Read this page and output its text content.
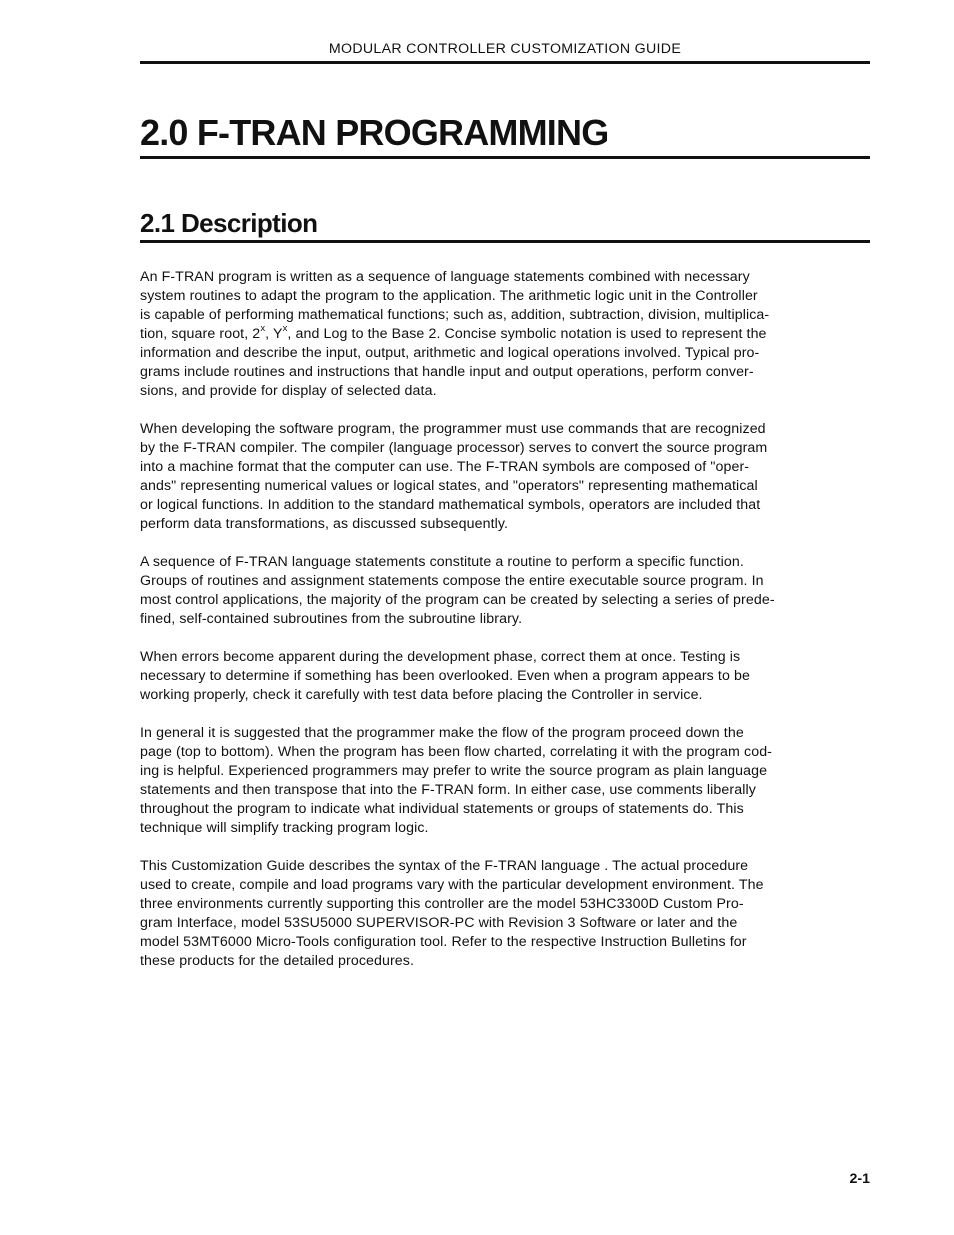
MODULAR CONTROLLER CUSTOMIZATION GUIDE
2.0 F-TRAN PROGRAMMING
2.1 Description

An F-TRAN program is written as a sequence of language statements combined with necessary
system routines to adapt the program to the application. The arithmetic logic unit in the Controller
is capable of performing mathematical functions; such as, addition, subtraction, division, multiplica-
tion, square root, 2$^x$, $Y^x$, and Log to the Base 2. Concise symbolic notation is used to represent the
information and describe the input, output, arithmetic and logical operations involved. Typical pro-
grams include routines and instructions that handle input and output operations, perform conver-
sions, and provide for display of selected data.

When developing the software program, the programmer must use commands that are recognized
by the F-TRAN compiler. The compiler (language processor) serves to convert the source program
into a machine format that the computer can use. The F-TRAN symbols are composed of "oper-
ands" representing numerical values or logical states, and "operators" representing mathematical
or logical functions. In addition to the standard mathematical symbols, operators are included that
perform data transformations, as discussed subsequently.

A sequence of F-TRAN language statements constitute a routine to perform a specific function.
Groups of routines and assignment statements compose the entire executable source program. In
most control applications, the majority of the program can be created by selecting a series of prede-
fined, self-contained subroutines from the subroutine library.

When errors become apparent during the development phase, correct them at once. Testing is
necessary to determine if something has been overlooked. Even when a program appears to be
working properly, check it carefully with test data before placing the Controller in service.

In general it is suggested that the programmer make the flow of the program proceed down the
page (top to bottom). When the program has been flow charted, correlating it with the program cod-
ing is helpful. Experienced programmers may prefer to write the source program as plain language
statements and then transpose that into the F-TRAN form. In either case, use comments liberally
throughout the program to indicate what individual statements or groups of statements do. This
technique will simplify tracking program logic.

This Customization Guide describes the syntax of the F-TRAN language . The actual procedure
used to create, compile and load programs vary with the particular development environment. The
three environments currently supporting this controller are the model 53HC3300D Custom Pro-
gram Interface, model 53SU5000 SUPERVISOR-PC with Revision 3 Software or later and the
model 53MT6000 Micro-Tools configuration tool. Refer to the respective Instruction Bulletins for
these products for the detailed procedures.

2-1
